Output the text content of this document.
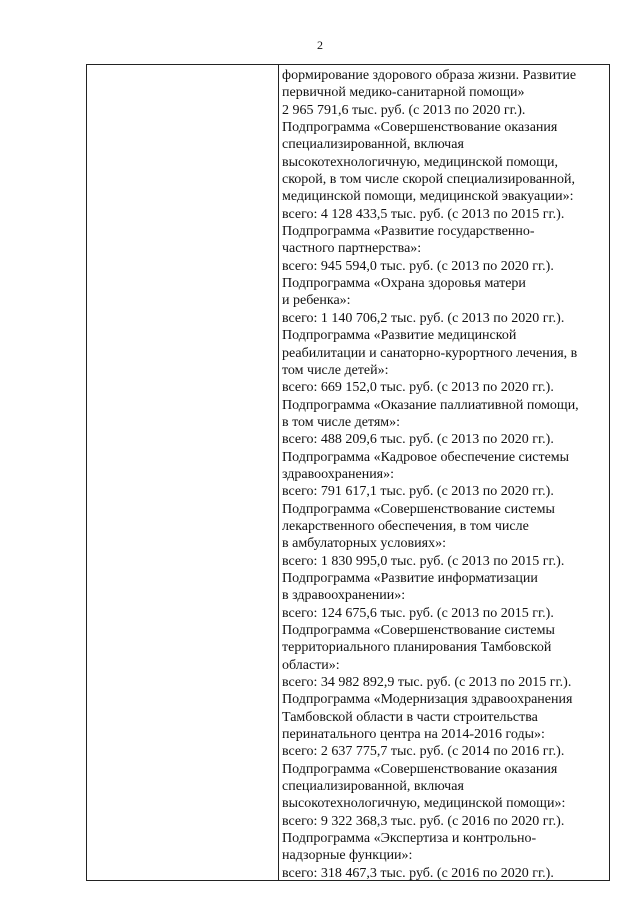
2
формирование здорового образа жизни. Развитие
первичной медико-санитарной помощи»
2 965 791,6 тыс. руб. (с 2013 по 2020 гг.).
Подпрограмма «Совершенствование оказания
специализированной, включая
высокотехнологичную, медицинской помощи,
скорой, в том числе скорой специализированной,
медицинской помощи, медицинской эвакуации»:
всего: 4 128 433,5 тыс. руб. (с 2013 по 2015 гг.).
Подпрограмма «Развитие государственно-
частного партнерства»:
всего: 945 594,0 тыс. руб. (с 2013 по 2020 гг.).
Подпрограмма «Охрана здоровья матери
и ребенка»:
всего: 1 140 706,2 тыс. руб. (с 2013 по 2020 гг.).
Подпрограмма «Развитие медицинской
реабилитации и санаторно-курортного лечения, в
том числе детей»:
всего: 669 152,0 тыс. руб. (с 2013 по 2020 гг.).
Подпрограмма «Оказание паллиативной помощи,
в том числе детям»:
всего: 488 209,6 тыс. руб. (с 2013 по 2020 гг.).
Подпрограмма «Кадровое обеспечение системы
здравоохранения»:
всего: 791 617,1 тыс. руб. (с 2013 по 2020 гг.).
Подпрограмма «Совершенствование системы
лекарственного обеспечения, в том числе
в амбулаторных условиях»:
всего: 1 830 995,0 тыс. руб. (с 2013 по 2015 гг.).
Подпрограмма «Развитие информатизации
в здравоохранении»:
всего: 124 675,6 тыс. руб. (с 2013 по 2015 гг.).
Подпрограмма «Совершенствование системы
территориального планирования Тамбовской
области»:
всего: 34 982 892,9 тыс. руб. (с 2013 по 2015 гг.).
Подпрограмма «Модернизация здравоохранения
Тамбовской области в части строительства
перинатального центра на 2014-2016 годы»:
всего: 2 637 775,7 тыс. руб. (с 2014 по 2016 гг.).
Подпрограмма «Совершенствование оказания
специализированной, включая
высокотехнологичную, медицинской помощи»:
всего: 9 322 368,3 тыс. руб. (с 2016 по 2020 гг.).
Подпрограмма «Экспертиза и контрольно-
надзорные функции»:
всего: 318 467,3 тыс. руб. (с 2016 по 2020 гг.).
